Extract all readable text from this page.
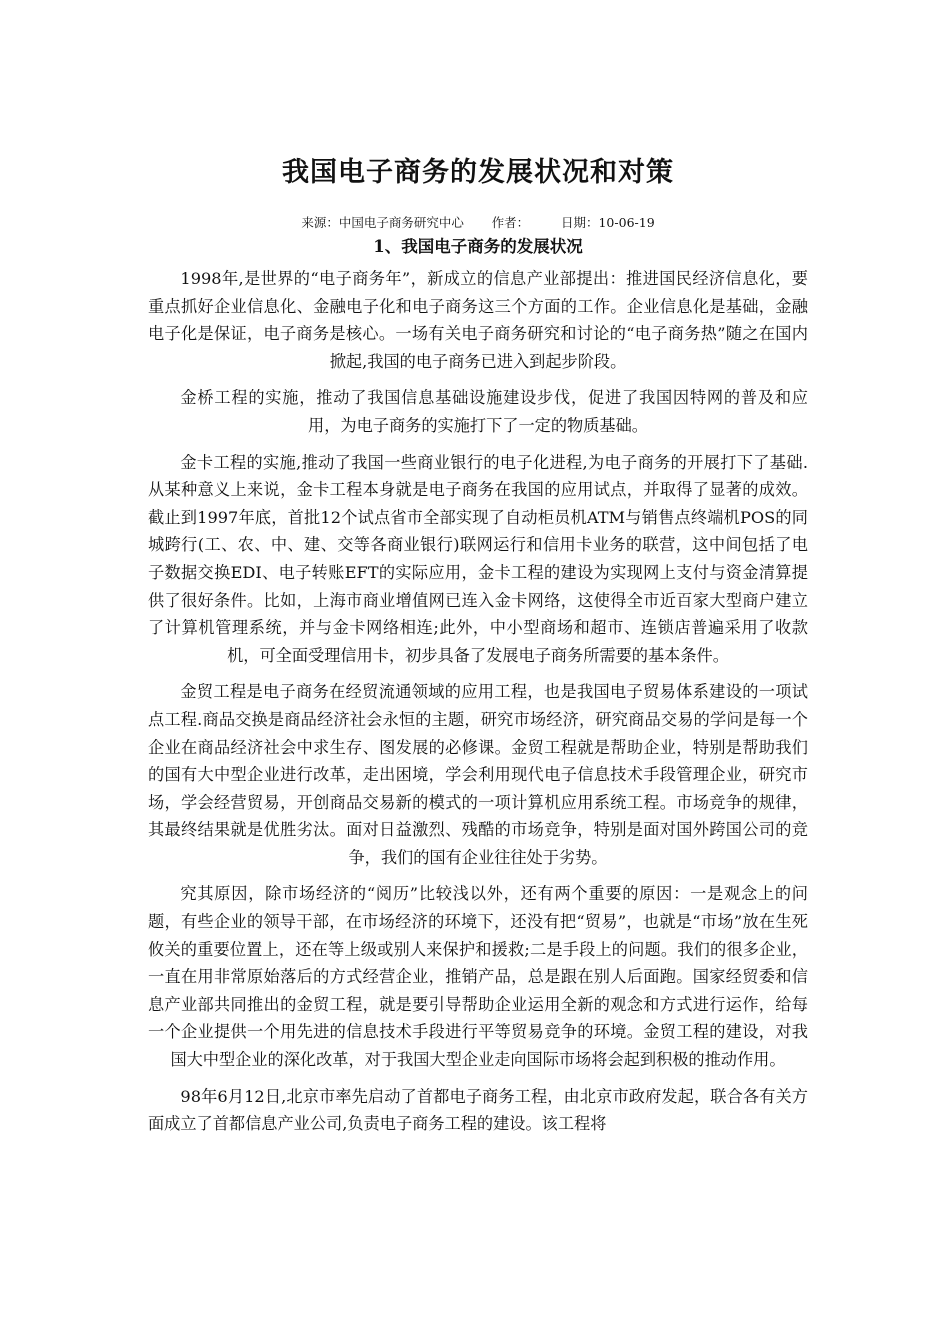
我国电子商务的发展状况和对策
来源：中国电子商务研究中心 作者：	日期：10-06-19
1、我国电子商务的发展状况

1998年,是世界的“电子商务年”，新成立的信息产业部提出：推进国民经济信息化，要重点抓好企业信息化、金融电子化和电子商务这三个方面的工作。企业信息化是基础，金融电子化是保证，电子商务是核心。一场有关电子商务研究和讨论的“电子商务热”随之在国内掀起,我国的电子商务已进入到起步阶段。

金桥工程的实施，推动了我国信息基础设施建设步伐，促进了我国因特网的普及和应用，为电子商务的实施打下了一定的物质基础。

金卡工程的实施,推动了我国一些商业银行的电子化进程,为电子商务的开展打下了基础.从某种意义上来说，金卡工程本身就是电子商务在我国的应用试点，并取得了显著的成效。截止到1997年底，首批12个试点省市全部实现了自动柜员机ATM与销售点终端机POS的同城跨行(工、农、中、建、交等各商业银行)联网运行和信用卡业务的联营，这中间包括了电子数据交换EDI、电子转账EFT的实际应用，金卡工程的建设为实现网上支付与资金清算提供了很好条件。比如，上海市商业增值网已连入金卡网络，这使得全市近百家大型商户建立了计算机管理系统，并与金卡网络相连;此外，中小型商场和超市、连锁店普遍采用了收款机，可全面受理信用卡，初步具备了发展电子商务所需要的基本条件。

金贸工程是电子商务在经贸流通领域的应用工程，也是我国电子贸易体系建设的一项试点工程.商品交换是商品经济社会永恒的主题，研究市场经济，研究商品交易的学问是每一个企业在商品经济社会中求生存、图发展的必修课。金贸工程就是帮助企业，特别是帮助我们的国有大中型企业进行改革，走出困境，学会利用现代电子信息技术手段管理企业，研究市场，学会经营贸易，开创商品交易新的模式的一项计算机应用系统工程。市场竞争的规律，其最终结果就是优胜劣汰。面对日益激烈、残酷的市场竞争，特别是面对国外跨国公司的竞争，我们的国有企业往往处于劣势。

究其原因，除市场经济的“阅历”比较浅以外，还有两个重要的原因：一是观念上的问题，有些企业的领导干部，在市场经济的环境下，还没有把“贸易”，也就是“市场”放在生死攸关的重要位置上，还在等上级或别人来保护和援救;二是手段上的问题。我们的很多企业，一直在用非常原始落后的方式经营企业，推销产品，总是跟在别人后面跑。国家经贸委和信息产业部共同推出的金贸工程，就是要引导帮助企业运用全新的观念和方式进行运作，给每一个企业提供一个用先进的信息技术手段进行平等贸易竞争的环境。金贸工程的建设，对我国大中型企业的深化改革，对于我国大型企业走向国际市场将会起到积极的推动作用。

98年6月12日,北京市率先启动了首都电子商务工程，由北京市政府发起，联合各有关方面成立了首都信息产业公司,负责电子商务工程的建设。该工程将
